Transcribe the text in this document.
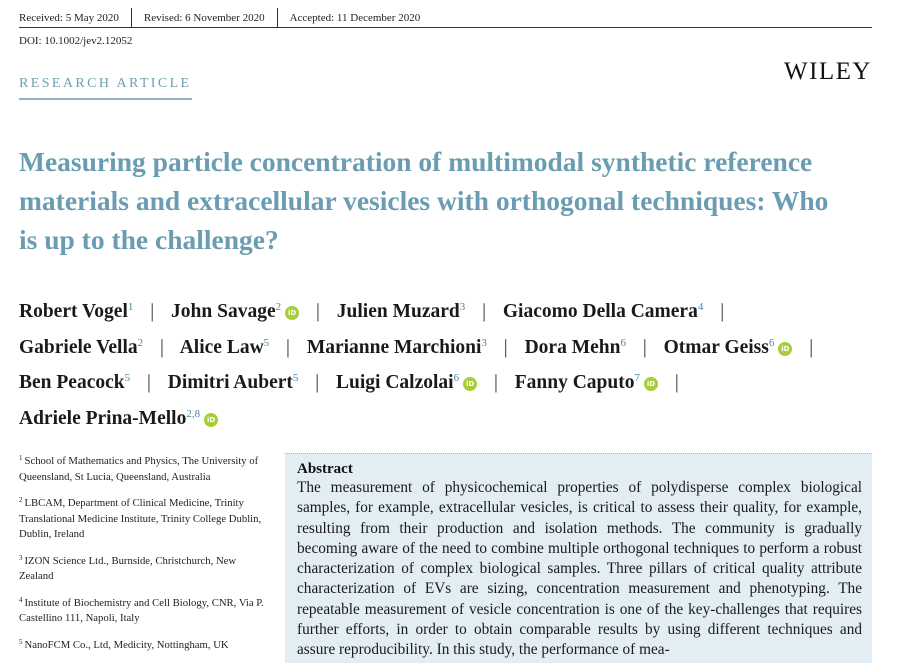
Received: 5 May 2020 Revised: 6 November 2020 Accepted: 11 December 2020
DOI: 10.1002/jev2.12052
RESEARCH ARTICLE	WILEY
Measuring particle concentration of multimodal synthetic reference materials and extracellular vesicles with orthogonal techniques: Who is up to the challenge?

Robert Vogel$^1$ | John Savage$^2$ iD | Julien Muzard$^3$ | Giacomo Della Camera$^4$ |
Gabriele Vella$^2$ | Alice Law$^5$ | Marianne Marchioni$^3$ | Dora Mehn$^6$ | Otmar Geiss$^6$ iD |
Ben Peacock$^5$ | Dimitri Aubert$^5$ | Luigi Calzolai$^6$ iD | Fanny Caputo$^7$ iD |
Adriele Prina-Mello$^{2,8}$ iD

$^1$ School of Mathematics and Physics, The University of Queensland, St Lucia, Queensland, Australia
$^2$ LBCAM, Department of Clinical Medicine, Trinity Translational Medicine Institute, Trinity College Dublin, Dublin, Ireland
$^3$ IZON Science Ltd., Burnside, Christchurch, New Zealand
$^4$ Institute of Biochemistry and Cell Biology, CNR, Via P. Castellino 111, Napoli, Italy
$^5$ NanoFCM Co., Ltd, Medicity, Nottingham, UK
Abstract

The measurement of physicochemical properties of polydisperse complex biological samples, for example, extracellular vesicles, is critical to assess their quality, for example, resulting from their production and isolation methods. The community is gradually becoming aware of the need to combine multiple orthogonal techniques to perform a robust characterization of complex biological samples. Three pillars of critical quality attribute characterization of EVs are sizing, concentration measurement and phenotyping. The repeatable measurement of vesicle concentration is one of the key-challenges that requires further efforts, in order to obtain comparable results by using different techniques and assure reproducibility. In this study, the performance of mea-
